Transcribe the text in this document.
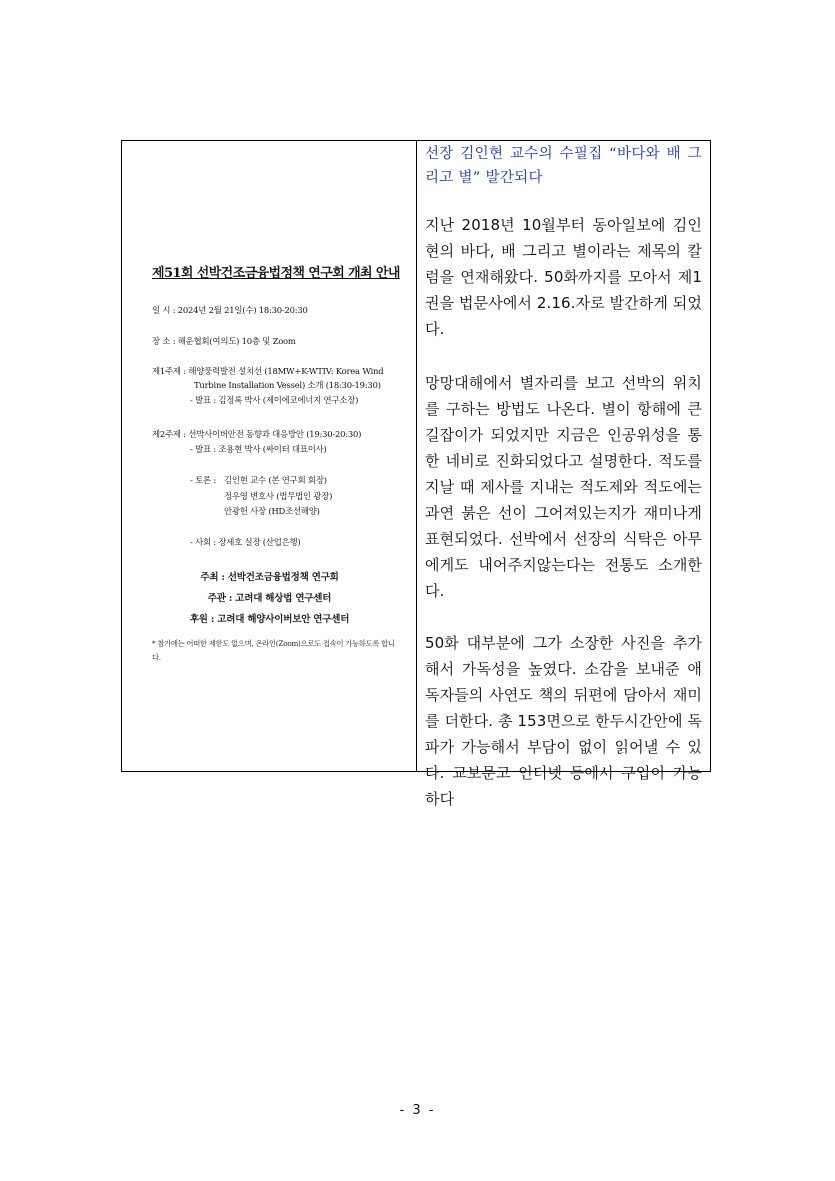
제51회 선박건조금융법정책 연구회 개최 안내
일 시 : 2024년 2월 21일(수) 18:30-20:30
장 소 : 해운협회(여의도) 10층 및 Zoom
제1주제 : 해양풍력발전 설치선 (18MW+K-WTIV: Korea Wind
Turbine Installation Vessel) 소개 (18:30-19:30)
- 발표 : 김정록 박사 (제이에코에너지 연구소장)
제2주제 : 선박사이버안전 동향과 대응방안 (19:30-20:30)
- 발표 : 조용현 박사 (싸이터 대표이사)
- 토론 : 김인현 교수 (본 연구회 회장)
정우영 변호사 (법무법인 광장)
안광헌 사장 (HD조선해양)
- 사회 : 장세호 실장 (산업은행)
주최 : 선박건조금융법정책 연구회
주관 : 고려대 해상법 연구센터
후원 : 고려대 해양사이버보안 연구센터
* 참가에는 어떠한 제한도 없으며, 온라인(Zoom)으로도 접속이 가능하도록 합니다.
선장 김인현 교수의 수필집 “바다와 배 그리고 별” 발간되다

지난 2018년 10월부터 동아일보에 김인현의 바다, 배 그리고 별이라는 제목의 칼럼을 연재해왔다. 50화까지를 모아서 제1권을 법문사에서 2.16.자로 발간하게 되었다.

망망대해에서 별자리를 보고 선박의 위치를 구하는 방법도 나온다. 별이 항해에 큰 길잡이가 되었지만 지금은 인공위성을 통한 네비로 진화되었다고 설명한다. 적도를 지날 때 제사를 지내는 적도제와 적도에는 과연 붉은 선이 그어져있는지가 재미나게 표현되었다. 선박에서 선장의 식탁은 아무에게도 내어주지않는다는 전통도 소개한다.

50화 대부분에 그가 소장한 사진을 추가해서 가독성을 높였다. 소감을 보내준 애독자들의 사연도 책의 뒤편에 담아서 재미를 더한다. 총 153면으로 한두시간안에 독파가 가능해서 부담이 없이 읽어낼 수 있다. 교보문고 인터넷 등에서 구입이 가능하다

- 3 -
